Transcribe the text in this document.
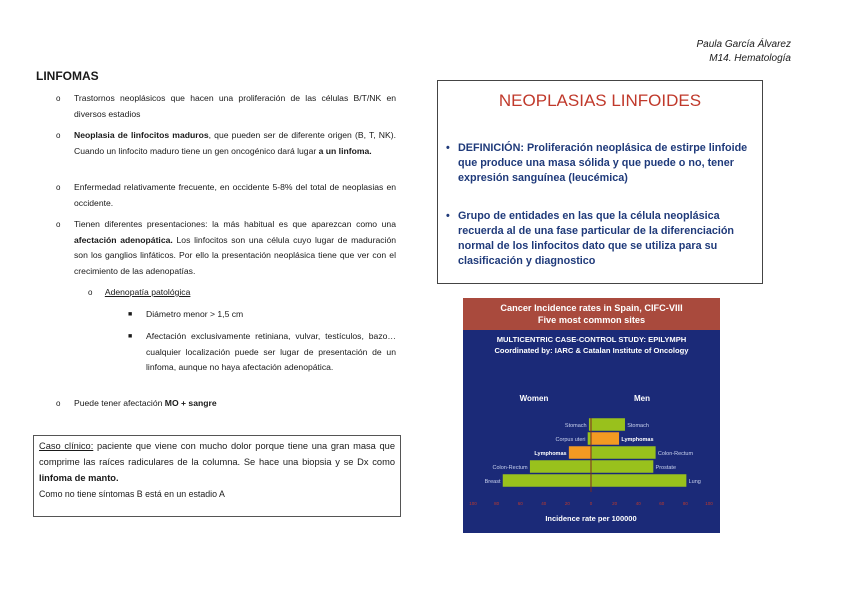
Paula García Álvarez
M14. Hematología
LINFOMAS
o Trastornos neoplásicos que hacen una proliferación de las células B/T/NK en diversos estadios
o Neoplasia de linfocitos maduros, que pueden ser de diferente origen (B, T, NK). Cuando un linfocito maduro tiene un gen oncogénico dará lugar a un linfoma.
o Enfermedad relativamente frecuente, en occidente 5-8% del total de neoplasias en occidente.
o Tienen diferentes presentaciones: la más habitual es que aparezcan como una afectación adenopática. Los linfocitos son una célula cuyo lugar de maduración son los ganglios linfáticos. Por ello la presentación neoplásica tiene que ver con el crecimiento de las adenopatías.
o Adenopatía patológica
■ Diámetro menor > 1,5 cm
■ Afectación exclusivamente retiniana, vulvar, testículos, bazo… cualquier localización puede ser lugar de presentación de un linfoma, aunque no haya afectación adenopática.
o Puede tener afectación MO + sangre
Caso clínico: paciente que viene con mucho dolor porque tiene una gran masa que comprime las raíces radiculares de la columna. Se hace una biopsia y se Dx como linfoma de manto.
Como no tiene síntomas B está en un estadio A
NEOPLASIAS LINFOIDES
• DEFINICIÓN: Proliferación neoplásica de estirpe linfoide que produce una masa sólida y que puede o no, tener expresión sanguínea (leucémica)
• Grupo de entidades en las que la célula neoplásica recuerda al de una fase particular de la diferenciación normal de los linfocitos dato que se utiliza para su clasificación y diagnostico
Cancer Incidence rates in Spain, CIFC-VIII
Five most common sites
MULTICENTRIC CASE-CONTROL STUDY: EPILYMPH
Coordinated by: IARC & Catalan Institute of Oncology
Women	Men
Stomach
Corpus uteri
Lymphomas
Colon-Rectum
Breast
Stomach
Lymphomas
Colon-Rectum
Prostate
Lung
100	80	60	40	20	0	20	40	60	80	100
Incidence rate per 100000
